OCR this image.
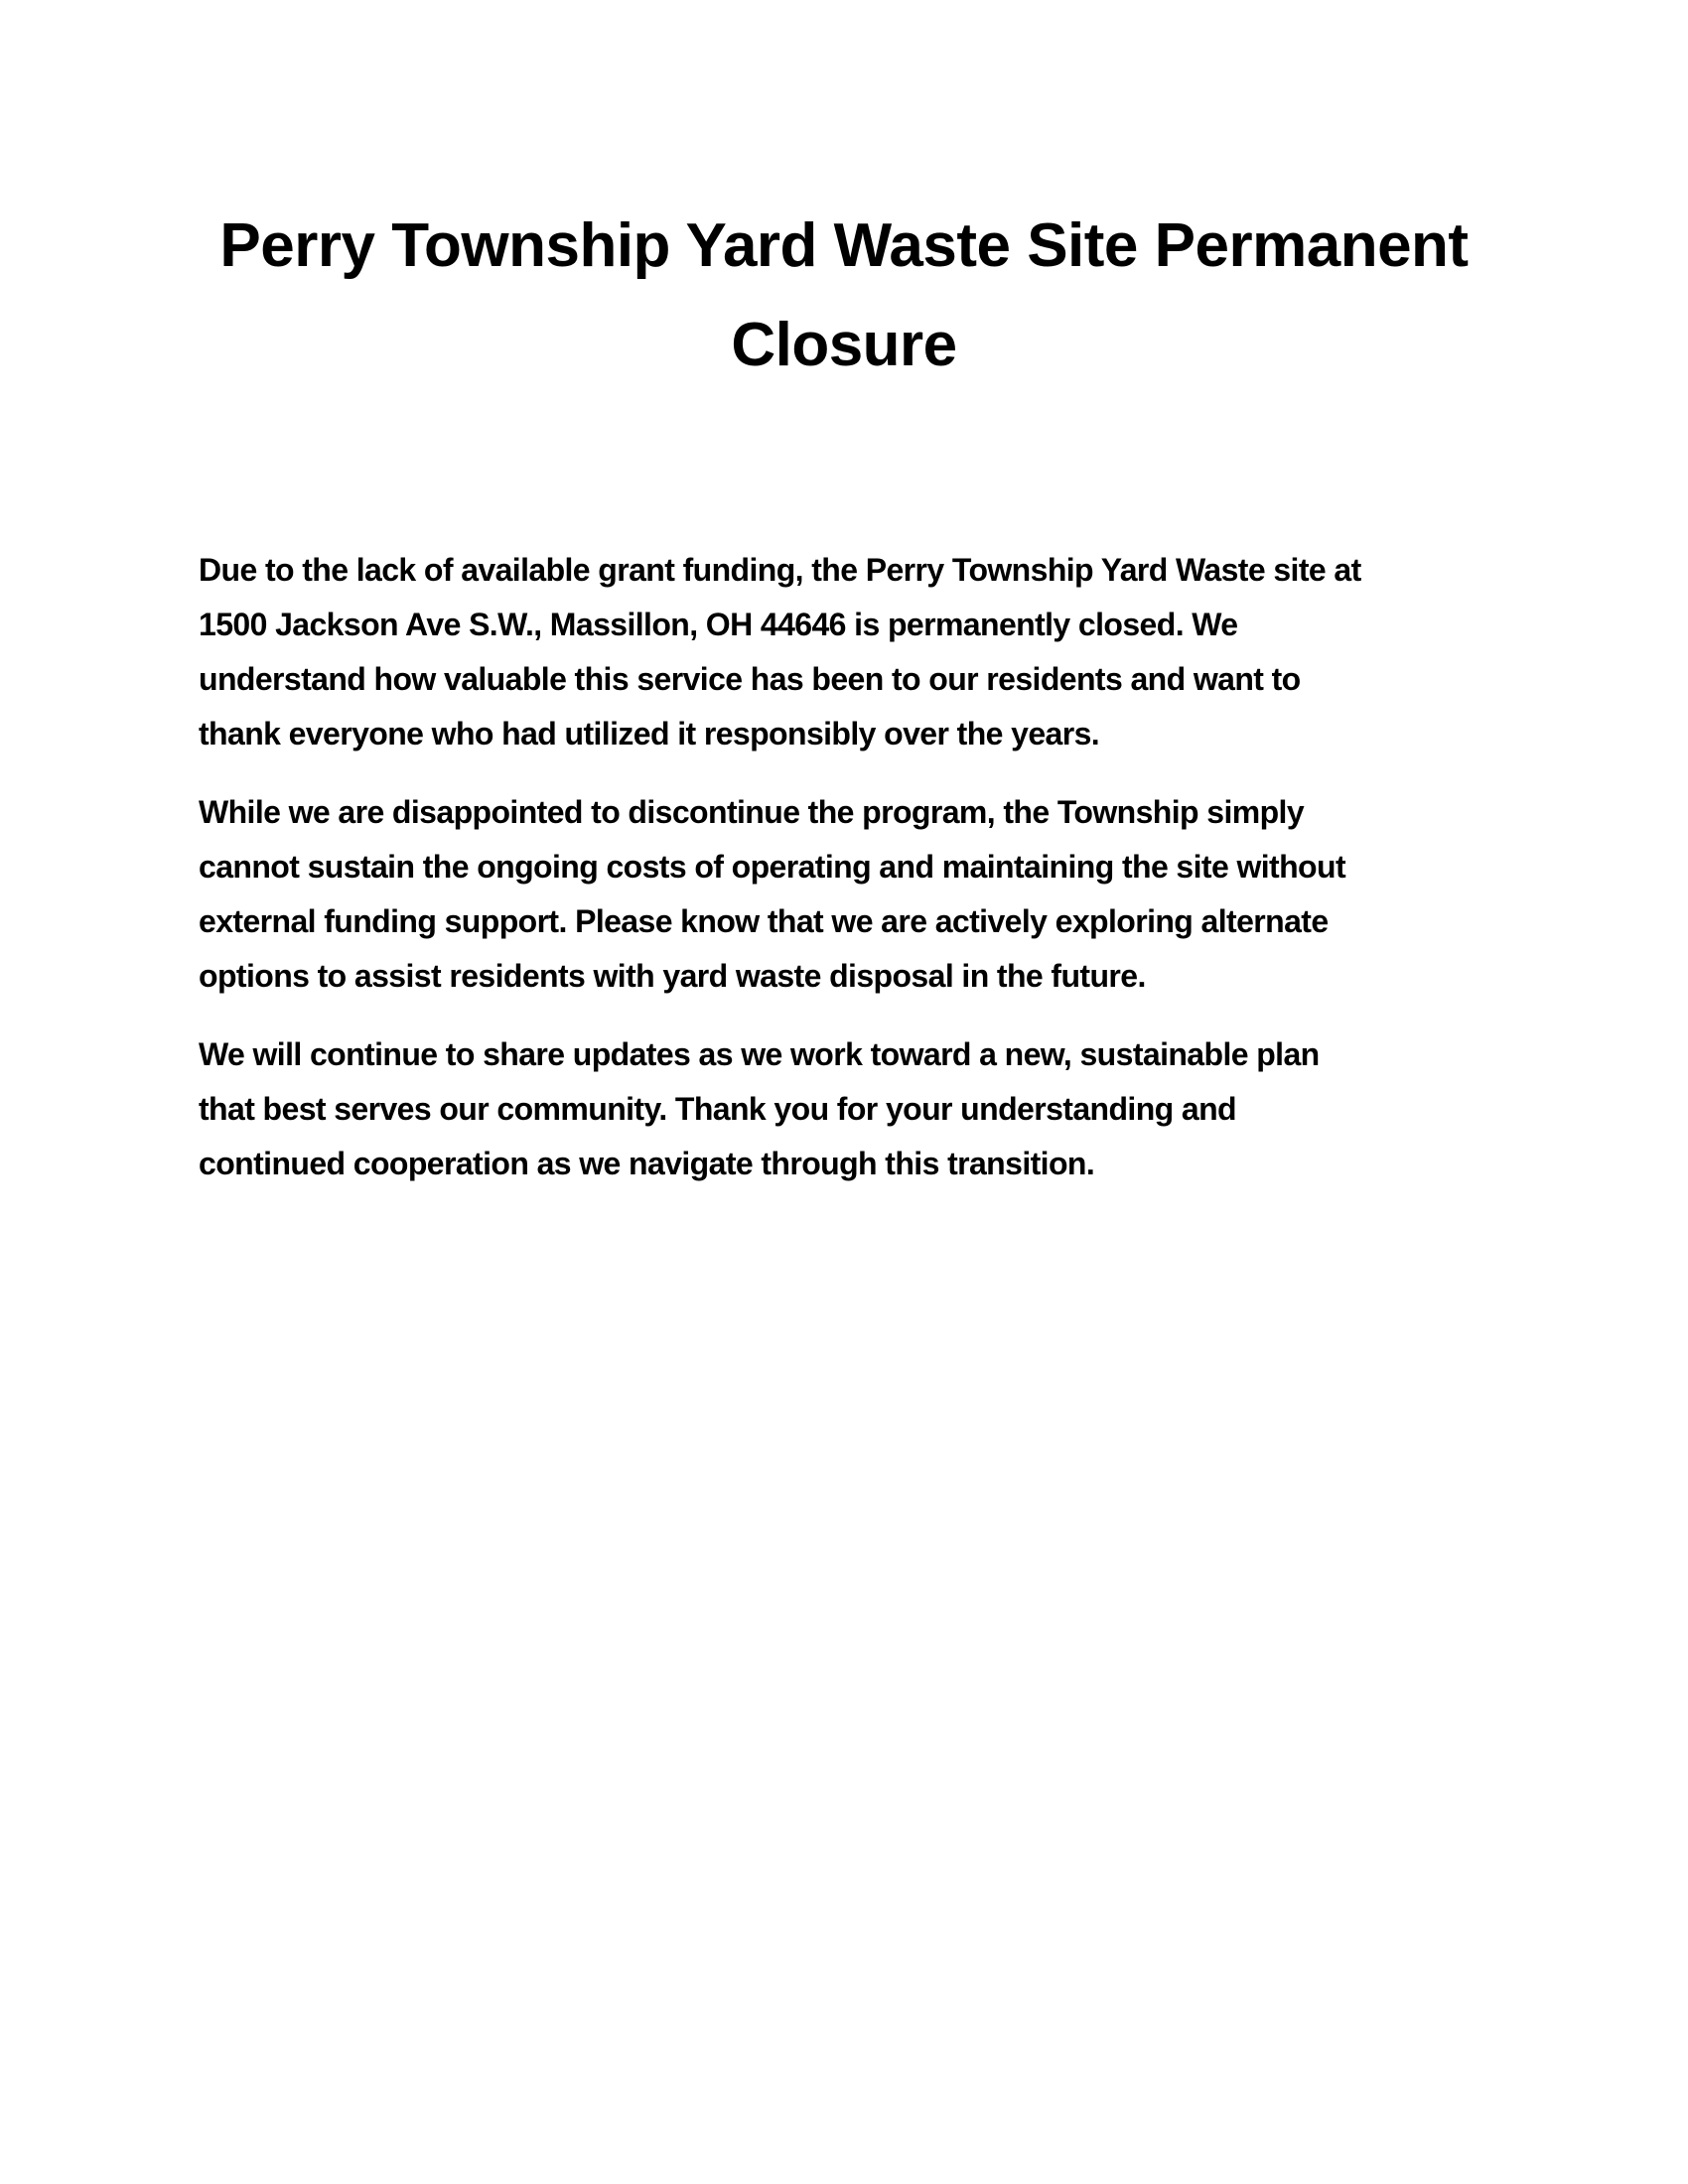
Perry Township Yard Waste Site Permanent
Closure

Due to the lack of available grant funding, the Perry Township Yard Waste site at
1500 Jackson Ave S.W., Massillon, OH 44646 is permanently closed. We
understand how valuable this service has been to our residents and want to
thank everyone who had utilized it responsibly over the years.

While we are disappointed to discontinue the program, the Township simply
cannot sustain the ongoing costs of operating and maintaining the site without
external funding support. Please know that we are actively exploring alternate
options to assist residents with yard waste disposal in the future.

We will continue to share updates as we work toward a new, sustainable plan
that best serves our community. Thank you for your understanding and
continued cooperation as we navigate through this transition.
